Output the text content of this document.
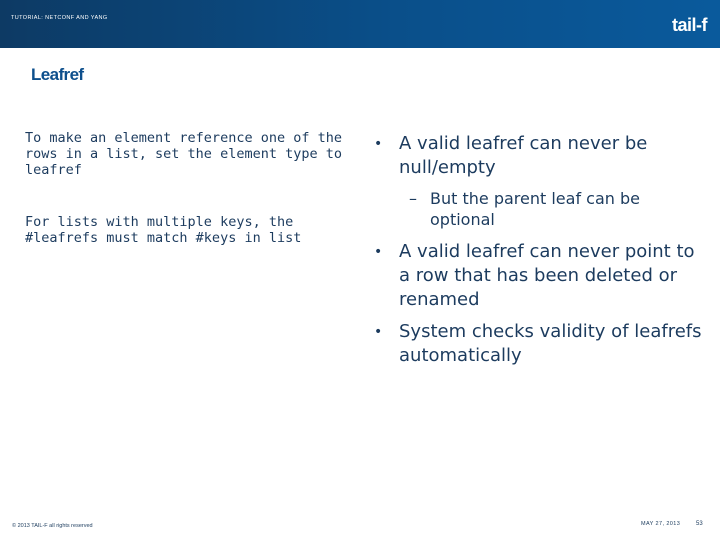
TUTORIAL: NETCONF AND YANG	tail-f
Leafref

To make an element reference one of the rows in a list, set the element type to leafref

For lists with multiple keys, the #leafrefs must match #keys in list

• A valid leafref can never be null/empty
– But the parent leaf can be optional
• A valid leafref can never point to a row that has been deleted or renamed
• System checks validity of leafrefs automatically
© 2013 TAIL-F all rights reserved	MAY 27, 2013	53
